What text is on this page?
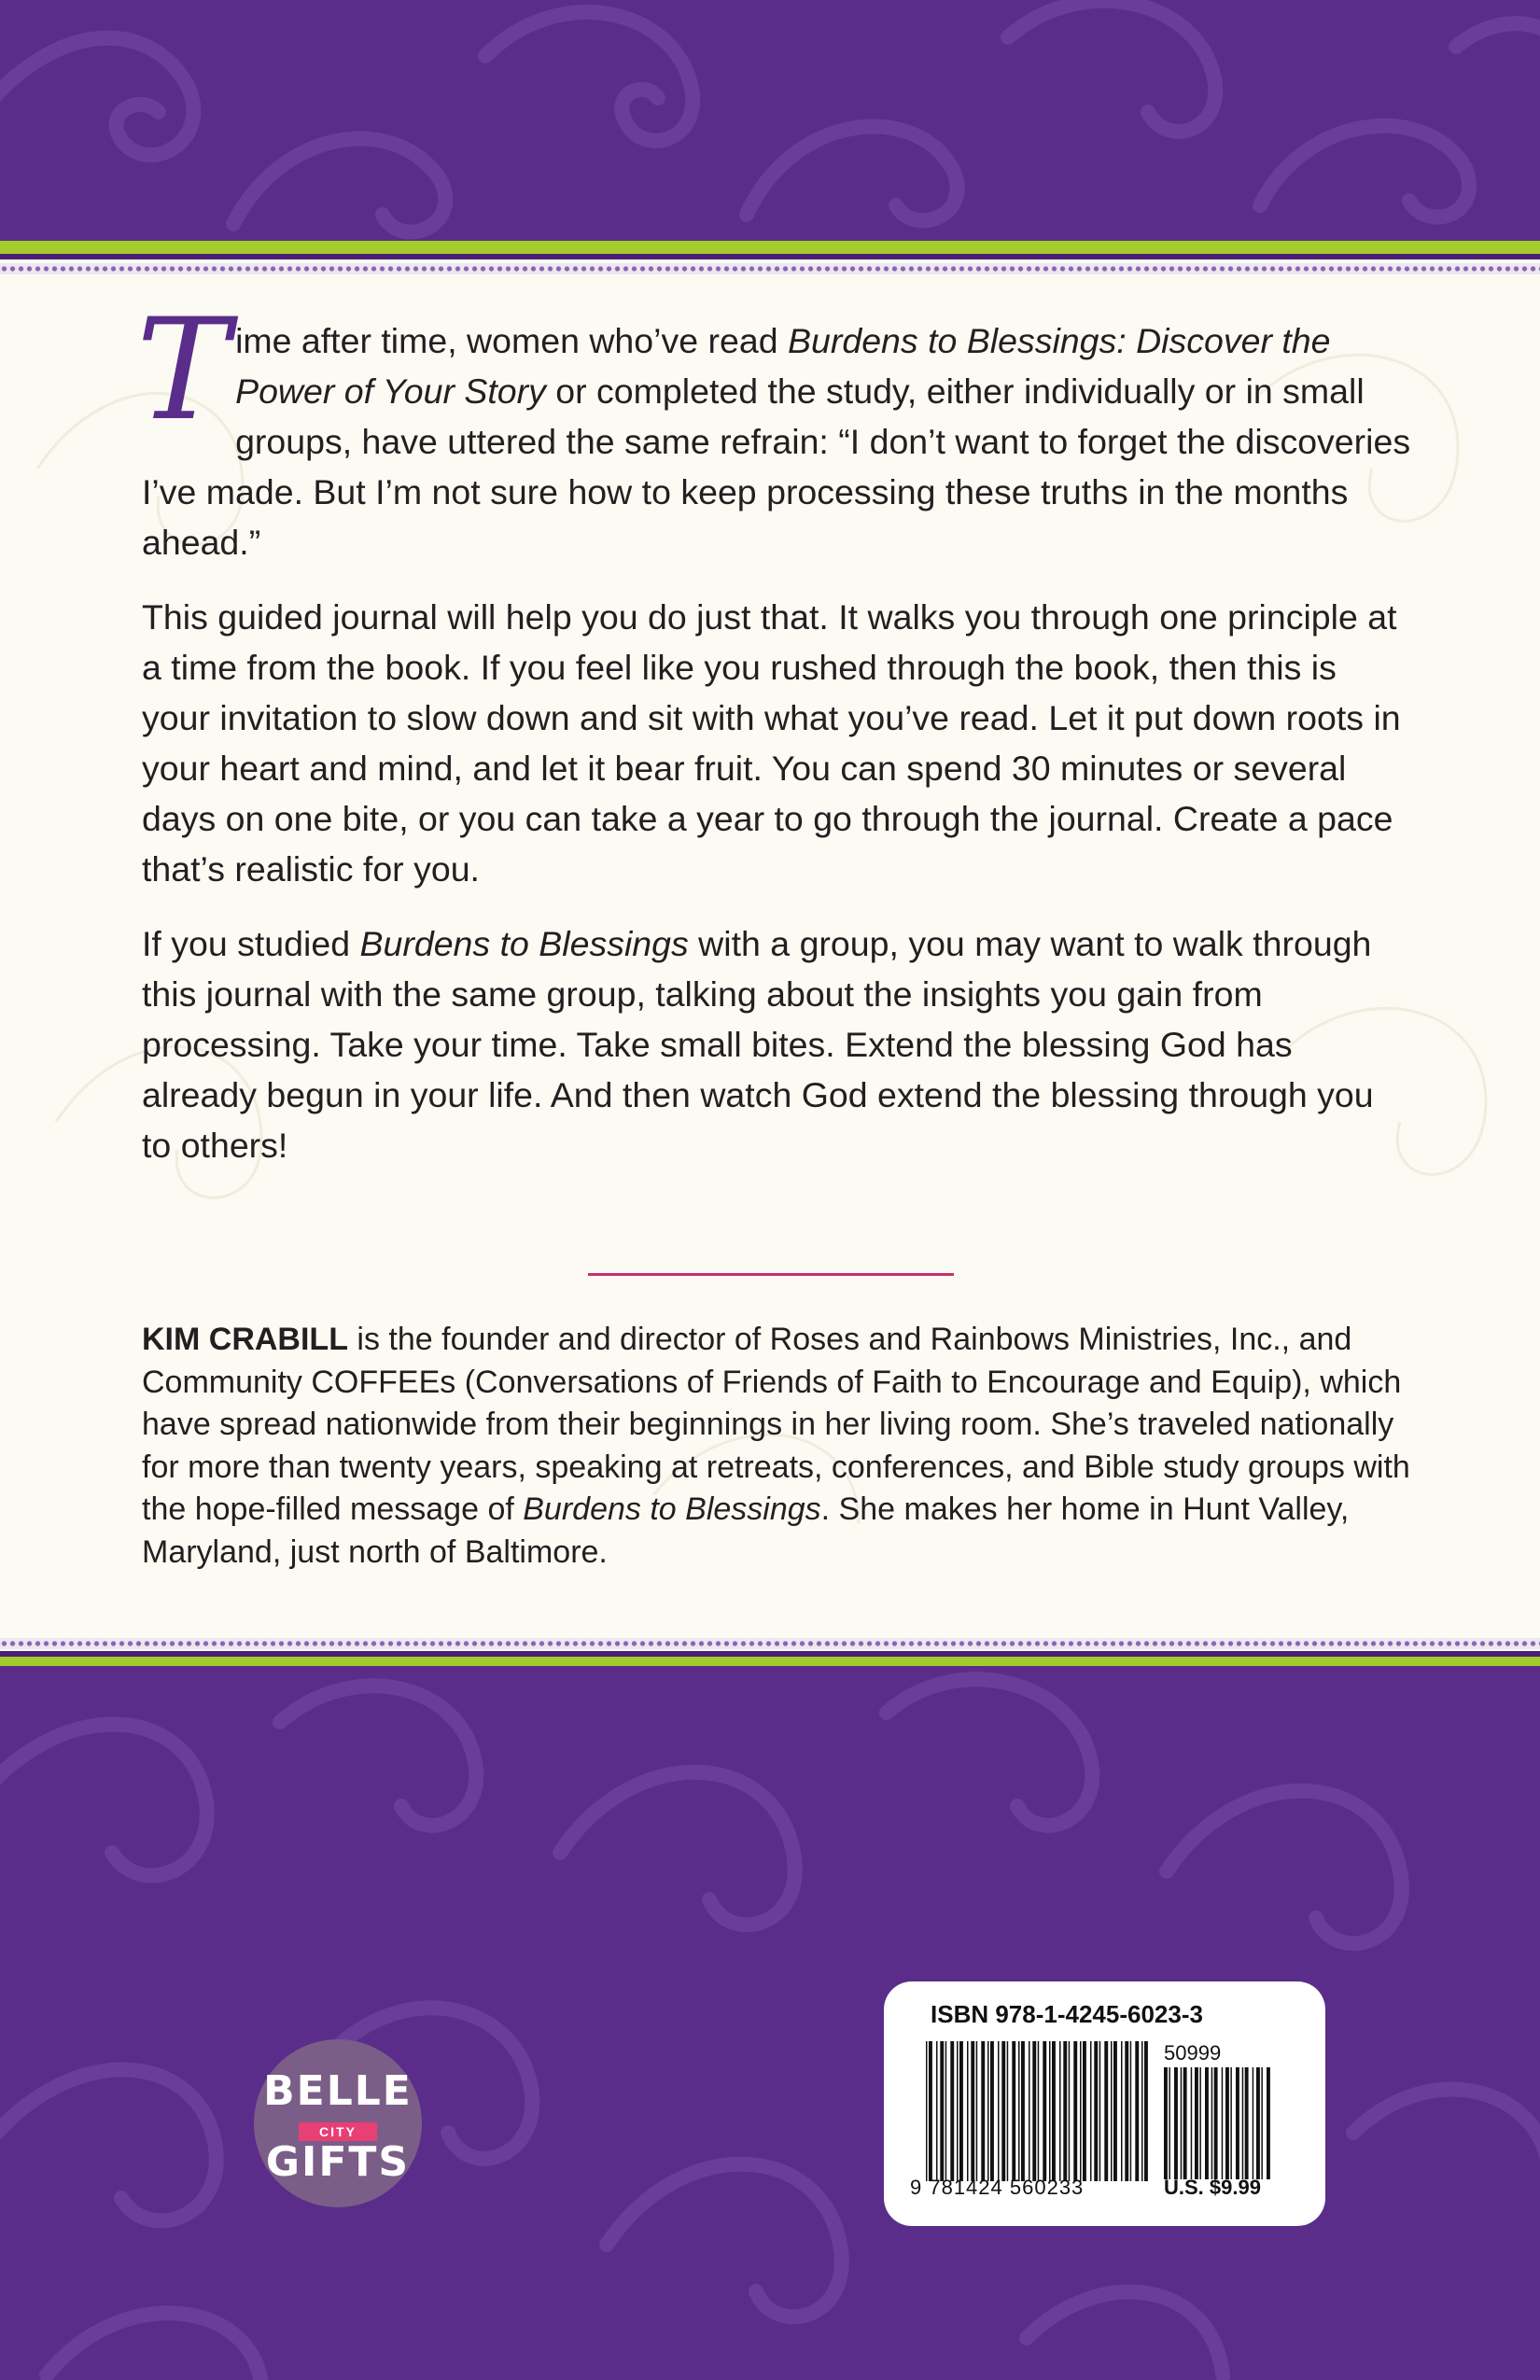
Time after time, women who’ve read Burdens to Blessings: Discover the Power of Your Story or completed the study, either individually or in small groups, have uttered the same refrain: “I don’t want to forget the discoveries I’ve made. But I’m not sure how to keep processing these truths in the months ahead.”

This guided journal will help you do just that. It walks you through one principle at a time from the book. If you feel like you rushed through the book, then this is your invitation to slow down and sit with what you’ve read. Let it put down roots in your heart and mind, and let it bear fruit. You can spend 30 minutes or several days on one bite, or you can take a year to go through the journal. Create a pace that’s realistic for you.

If you studied Burdens to Blessings with a group, you may want to walk through this journal with the same group, talking about the insights you gain from processing. Take your time. Take small bites. Extend the blessing God has already begun in your life. And then watch God extend the blessing through you to others!

KIM CRABILL is the founder and director of Roses and Rainbows Ministries, Inc., and Community COFFEEs (Conversations of Friends of Faith to Encourage and Equip), which have spread nationwide from their beginnings in her living room. She’s traveled nationally for more than twenty years, speaking at retreats, conferences, and Bible study groups with the hope-filled message of Burdens to Blessings. She makes her home in Hunt Valley, Maryland, just north of Baltimore.
BELLE
CITY
GIFTS
ISBN 978-1-4245-6023-3
50999
9 781424 560233	U.S. $9.99
